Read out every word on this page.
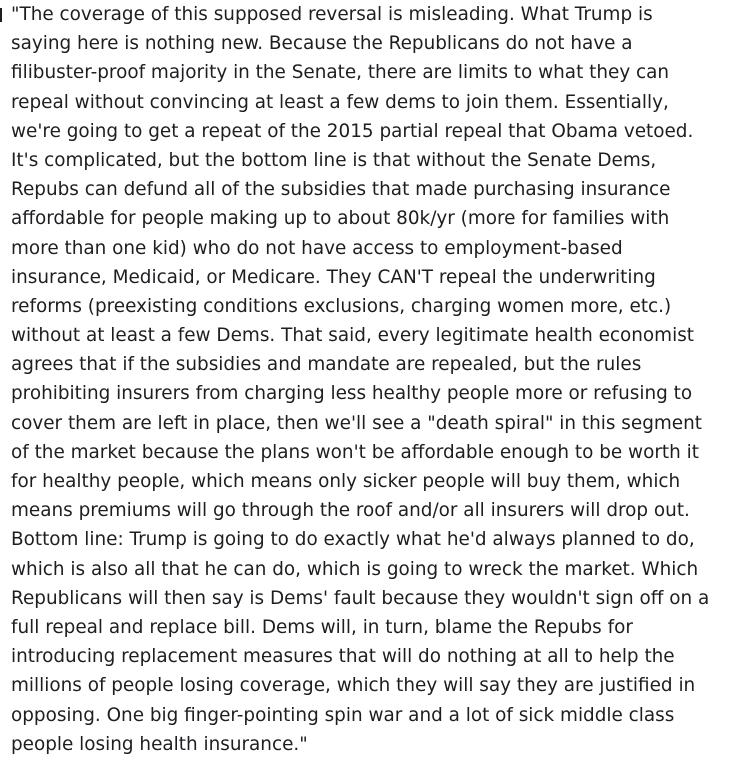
"The coverage of this supposed reversal is misleading. What Trump is
saying here is nothing new. Because the Republicans do not have a
filibuster-proof majority in the Senate, there are limits to what they can
repeal without convincing at least a few dems to join them. Essentially,
we're going to get a repeat of the 2015 partial repeal that Obama vetoed.
It's complicated, but the bottom line is that without the Senate Dems,
Repubs can defund all of the subsidies that made purchasing insurance
affordable for people making up to about 80k/yr (more for families with
more than one kid) who do not have access to employment-based
insurance, Medicaid, or Medicare. They CAN'T repeal the underwriting
reforms (preexisting conditions exclusions, charging women more, etc.)
without at least a few Dems. That said, every legitimate health economist
agrees that if the subsidies and mandate are repealed, but the rules
prohibiting insurers from charging less healthy people more or refusing to
cover them are left in place, then we'll see a "death spiral" in this segment
of the market because the plans won't be affordable enough to be worth it
for healthy people, which means only sicker people will buy them, which
means premiums will go through the roof and/or all insurers will drop out.
Bottom line: Trump is going to do exactly what he'd always planned to do,
which is also all that he can do, which is going to wreck the market. Which
Republicans will then say is Dems' fault because they wouldn't sign off on a
full repeal and replace bill. Dems will, in turn, blame the Repubs for
introducing replacement measures that will do nothing at all to help the
millions of people losing coverage, which they will say they are justified in
opposing. One big finger-pointing spin war and a lot of sick middle class
people losing health insurance."
